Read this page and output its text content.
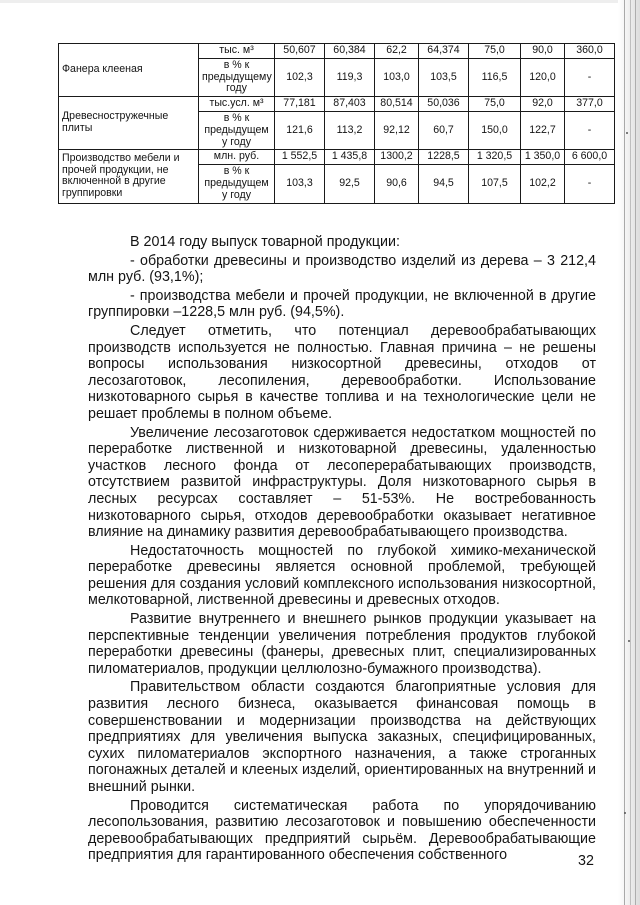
Фанера клееная	тыс. м³	50,607	60,384	62,2	64,374	75,0	90,0	360,0
	в % к предыдущему году	102,3	119,3	103,0	103,5	116,5	120,0	-
Древесностружечные плиты	тыс.усл. м³	77,181	87,403	80,514	50,036	75,0	92,0	377,0
	в % к предыдущем у году	121,6	113,2	92,12	60,7	150,0	122,7	-
Производство мебели и прочей продукции, не включенной в другие группировки	млн. руб.	1 552,5	1 435,8	1300,2	1228,5	1 320,5	1 350,0	6 600,0
	в % к предыдущем у году	103,3	92,5	90,6	94,5	107,5	102,2	-

В 2014 году выпуск товарной продукции:

- обработки древесины и производство изделий из дерева – 3 212,4 млн руб. (93,1%);

- производства мебели и прочей продукции, не включенной в другие группировки –1228,5 млн руб. (94,5%).

Следует отметить, что потенциал деревообрабатывающих производств используется не полностью. Главная причина – не решены вопросы использования низкосортной древесины, отходов от лесозаготовок, лесопиления, деревообработки. Использование низкотоварного сырья в качестве топлива и на технологические цели не решает проблемы в полном объеме.

Увеличение лесозаготовок сдерживается недостатком мощностей по переработке лиственной и низкотоварной древесины, удаленностью участков лесного фонда от лесоперерабатывающих производств, отсутствием развитой инфраструктуры. Доля низкотоварного сырья в лесных ресурсах составляет – 51-53%. Не востребованность низкотоварного сырья, отходов деревообработки оказывает негативное влияние на динамику развития деревообрабатывающего производства.

Недостаточность мощностей по глубокой химико-механической переработке древесины является основной проблемой, требующей решения для создания условий комплексного использования низкосортной, мелкотоварной, лиственной древесины и древесных отходов.

Развитие внутреннего и внешнего рынков продукции указывает на перспективные тенденции увеличения потребления продуктов глубокой переработки древесины (фанеры, древесных плит, специализированных пиломатериалов, продукции целлюлозно-бумажного производства).

Правительством области создаются благоприятные условия для развития лесного бизнеса, оказывается финансовая помощь в совершенствовании и модернизации производства на действующих предприятиях для увеличения выпуска заказных, специфицированных, сухих пиломатериалов экспортного назначения, а также строганных погонажных деталей и клееных изделий, ориентированных на внутренний и внешний рынки.

Проводится систематическая работа по упорядочиванию лесопользования, развитию лесозаготовок и повышению обеспеченности деревообрабатывающих предприятий сырьём. Деревообрабатывающие предприятия для гарантированного обеспечения собственного	32
